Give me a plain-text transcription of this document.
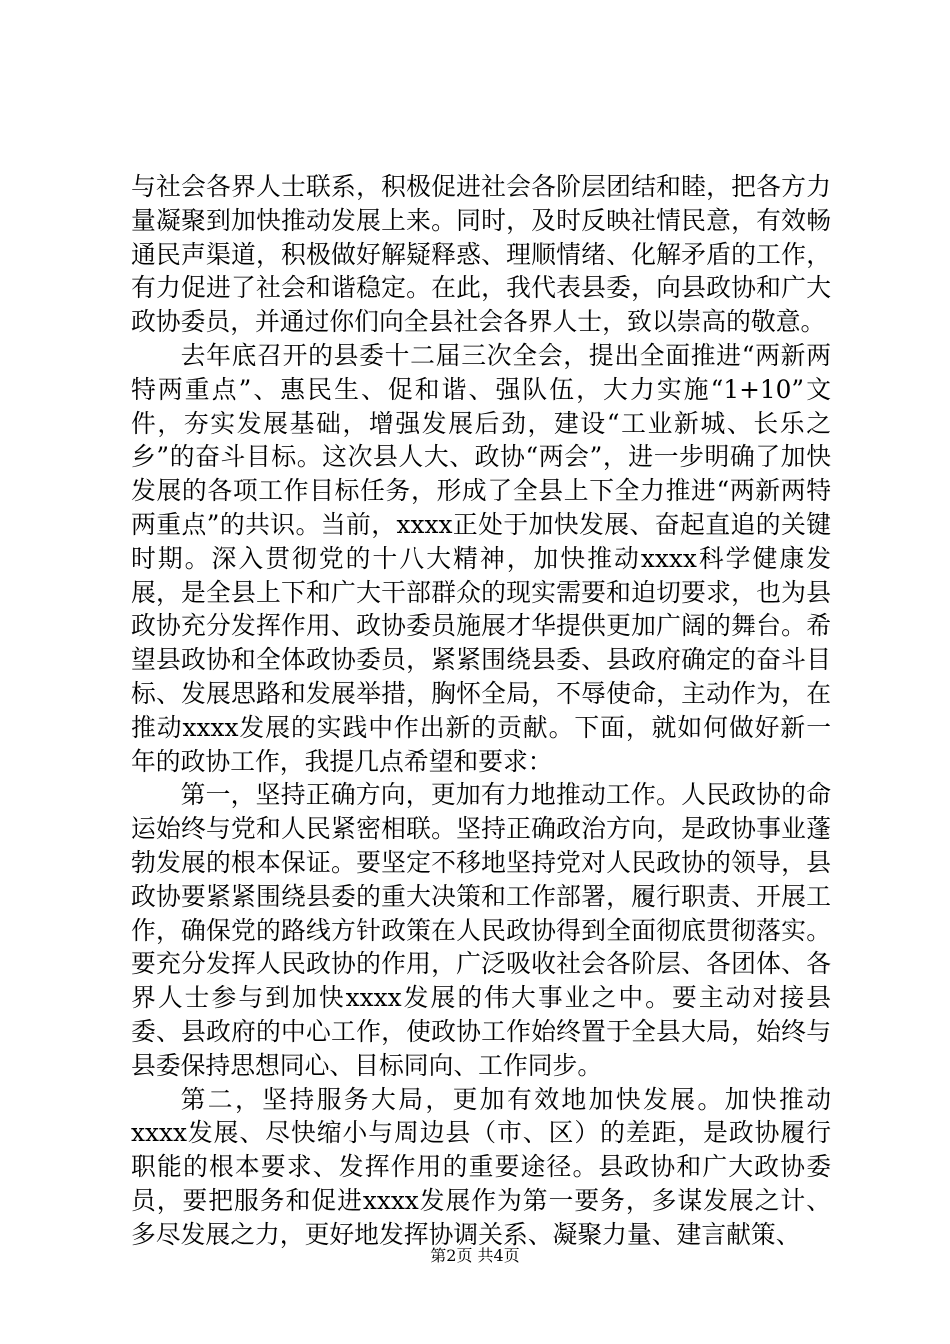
与社会各界人士联系，积极促进社会各阶层团结和睦，把各方力量凝聚到加快推动发展上来。同时，及时反映社情民意，有效畅通民声渠道，积极做好解疑释惑、理顺情绪、化解矛盾的工作，有力促进了社会和谐稳定。在此，我代表县委，向县政协和广大政协委员，并通过你们向全县社会各界人士，致以崇高的敬意。

去年底召开的县委十二届三次全会，提出全面推进“两新两特两重点”、惠民生、促和谐、强队伍，大力实施“1+10”文件，夯实发展基础，增强发展后劲，建设“工业新城、长乐之乡”的奋斗目标。这次县人大、政协“两会”，进一步明确了加快发展的各项工作目标任务，形成了全县上下全力推进“两新两特两重点”的共识。当前，xxxx正处于加快发展、奋起直追的关键时期。深入贯彻党的十八大精神，加快推动xxxx科学健康发展，是全县上下和广大干部群众的现实需要和迫切要求，也为县政协充分发挥作用、政协委员施展才华提供更加广阔的舞台。希望县政协和全体政协委员，紧紧围绕县委、县政府确定的奋斗目标、发展思路和发展举措，胸怀全局，不辱使命，主动作为，在推动xxxx发展的实践中作出新的贡献。下面，就如何做好新一年的政协工作，我提几点希望和要求：

第一，坚持正确方向，更加有力地推动工作。人民政协的命运始终与党和人民紧密相联。坚持正确政治方向，是政协事业蓬勃发展的根本保证。要坚定不移地坚持党对人民政协的领导，县政协要紧紧围绕县委的重大决策和工作部署，履行职责、开展工作，确保党的路线方针政策在人民政协得到全面彻底贯彻落实。要充分发挥人民政协的作用，广泛吸收社会各阶层、各团体、各界人士参与到加快xxxx发展的伟大事业之中。要主动对接县委、县政府的中心工作，使政协工作始终置于全县大局，始终与县委保持思想同心、目标同向、工作同步。

第二，坚持服务大局，更加有效地加快发展。加快推动xxxx发展、尽快缩小与周边县（市、区）的差距，是政协履行职能的根本要求、发挥作用的重要途径。县政协和广大政协委员，要把服务和促进xxxx发展作为第一要务，多谋发展之计、多尽发展之力，更好地发挥协调关系、凝聚力量、建言献策、

第2页 共4页
